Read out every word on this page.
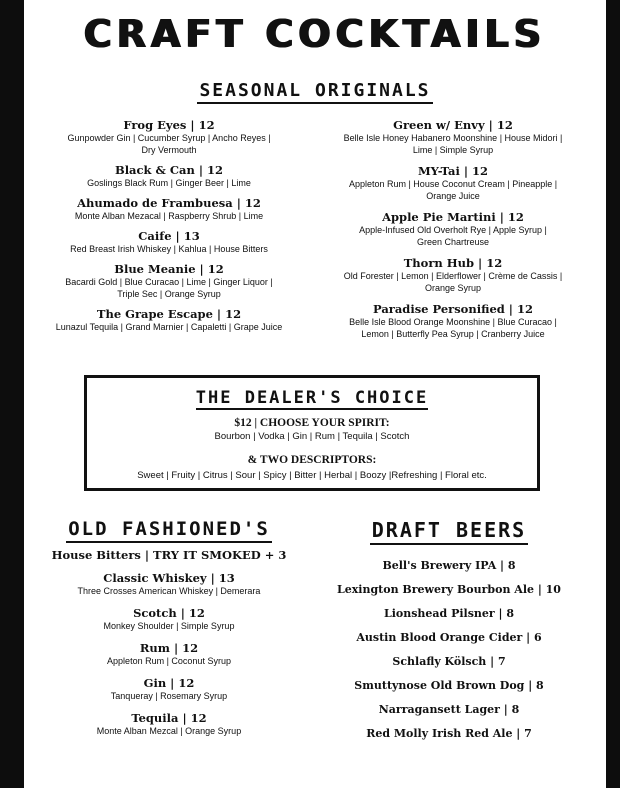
CRAFT COCKTAILS
SEASONAL ORIGINALS
Frog Eyes | 12
Gunpowder Gin | Cucumber Syrup | Ancho Reyes |
Dry Vermouth
Black & Can | 12
Goslings Black Rum | Ginger Beer | Lime
Ahumado de Frambuesa | 12
Monte Alban Mezacal | Raspberry Shrub | Lime
Caife | 13
Red Breast Irish Whiskey | Kahlua | House Bitters
Blue Meanie | 12
Bacardi Gold | Blue Curacao | Lime | Ginger Liquor |
Triple Sec | Orange Syrup
The Grape Escape | 12
Lunazul Tequila | Grand Marnier | Capaletti | Grape Juice
Green w/ Envy | 12
Belle Isle Honey Habanero Moonshine | House Midori |
Lime | Simple Syrup
MY-Tai | 12
Appleton Rum | House Coconut Cream | Pineapple |
Orange Juice
Apple Pie Martini | 12
Apple-Infused Old Overholt Rye | Apple Syrup |
Green Chartreuse
Thorn Hub | 12
Old Forester | Lemon | Elderflower | Crème de Cassis |
Orange Syrup
Paradise Personified | 12
Belle Isle Blood Orange Moonshine | Blue Curacao |
Lemon | Butterfly Pea Syrup | Cranberry Juice
THE DEALER'S CHOICE
$12 | CHOOSE YOUR SPIRIT:
Bourbon | Vodka | Gin | Rum | Tequila | Scotch
& TWO DESCRIPTORS:
Sweet | Fruity | Citrus | Sour | Spicy | Bitter | Herbal | Boozy |Refreshing | Floral etc.
OLD FASHIONED'S
House Bitters | TRY IT SMOKED + 3
Classic Whiskey | 13
Three Crosses American Whiskey | Demerara
Scotch | 12
Monkey Shoulder | Simple Syrup
Rum | 12
Appleton Rum | Coconut Syrup
Gin | 12
Tanqueray | Rosemary Syrup
Tequila | 12
Monte Alban Mezcal | Orange Syrup
DRAFT BEERS
Bell's Brewery IPA | 8
Lexington Brewery Bourbon Ale | 10
Lionshead Pilsner | 8
Austin Blood Orange Cider | 6
Schlafly Kölsch | 7
Smuttynose Old Brown Dog | 8
Narragansett Lager | 8
Red Molly Irish Red Ale | 7
